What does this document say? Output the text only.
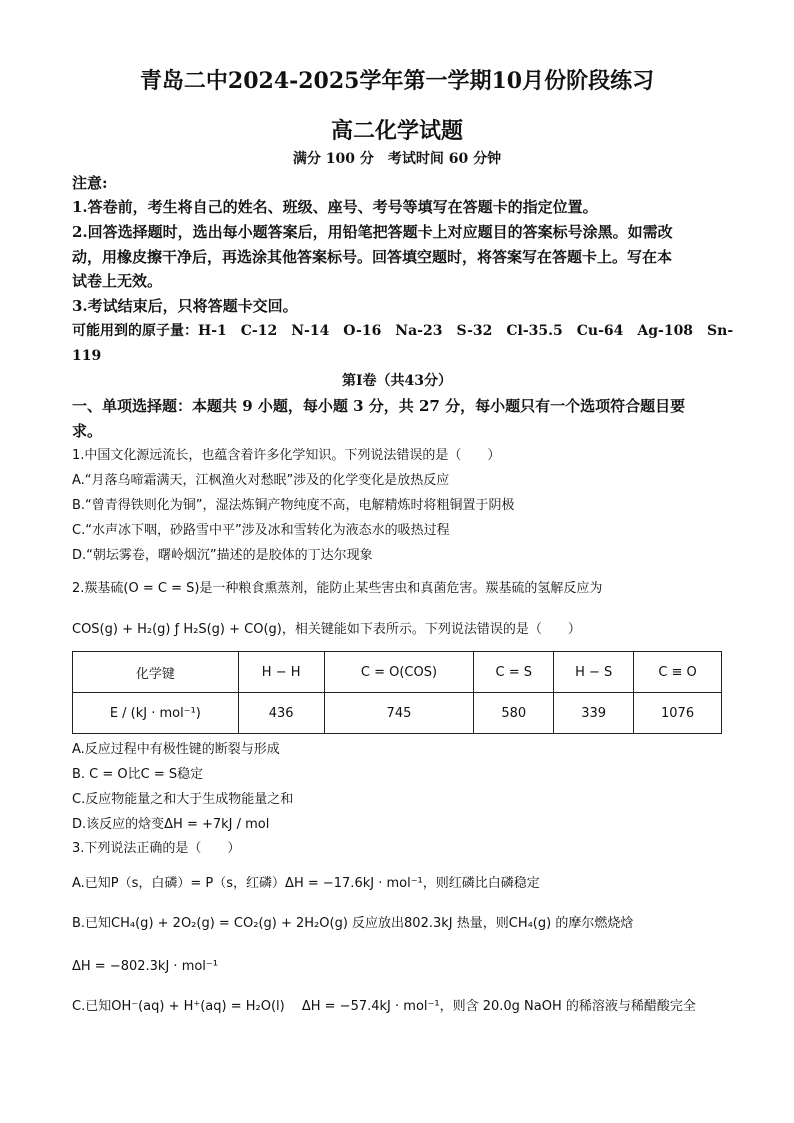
青岛二中2024-2025学年第一学期10月份阶段练习
高二化学试题
满分 100 分　考试时间 60 分钟
注意:
1.答卷前，考生将自己的姓名、班级、座号、考号等填写在答题卡的指定位置。
2.回答选择题时，选出每小题答案后，用铅笔把答题卡上对应题目的答案标号涂黑。如需改
动，用橡皮擦干净后，再选涂其他答案标号。回答填空题时，将答案写在答题卡上。写在本
试卷上无效。
3.考试结束后，只将答题卡交回。
可能用到的原子量：H-1　C-12　N-14　O-16　Na-23　S-32　Cl-35.5　Cu-64　Ag-108　Sn-
119
第Ⅰ卷（共43分）
一、单项选择题：本题共 9 小题，每小题 3 分，共 27 分，每小题只有一个选项符合题目要
求。
1.中国文化源远流长，也蕴含着许多化学知识。下列说法错误的是（　　）
A.“月落乌啼霜满天，江枫渔火对愁眠”涉及的化学变化是放热反应
B.“曾青得铁则化为铜”，湿法炼铜产物纯度不高，电解精炼时将粗铜置于阴极
C.“水声冰下咽，砂路雪中平”涉及冰和雪转化为液态水的吸热过程
D.“朝坛雾卷，曙岭烟沉”描述的是胶体的丁达尔现象
2.羰基硫(O = C = S)是一种粮食熏蒸剂，能防止某些害虫和真菌危害。羰基硫的氢解反应为
COS(g) + H₂(g) ƒ H₂S(g) + CO(g)，相关键能如下表所示。下列说法错误的是（　　）
化学键	H − H	C = O(COS)	C = S	H − S	C ≡ O
E / (kJ · mol⁻¹)	436	745	580	339	1076
A.反应过程中有极性键的断裂与形成
B. C = O比C = S稳定
C.反应物能量之和大于生成物能量之和
D.该反应的焓变ΔH = +7kJ / mol
3.下列说法正确的是（　　）
A.已知P（s，白磷）= P（s，红磷）ΔH = −17.6kJ · mol⁻¹，则红磷比白磷稳定
B.已知CH₄(g) + 2O₂(g) = CO₂(g) + 2H₂O(g) 反应放出802.3kJ 热量，则CH₄(g) 的摩尔燃烧焓
ΔH = −802.3kJ · mol⁻¹
C.已知OH⁻(aq) + H⁺(aq) = H₂O(l)　 ΔH = −57.4kJ · mol⁻¹，则含 20.0g NaOH 的稀溶液与稀醋酸完全
